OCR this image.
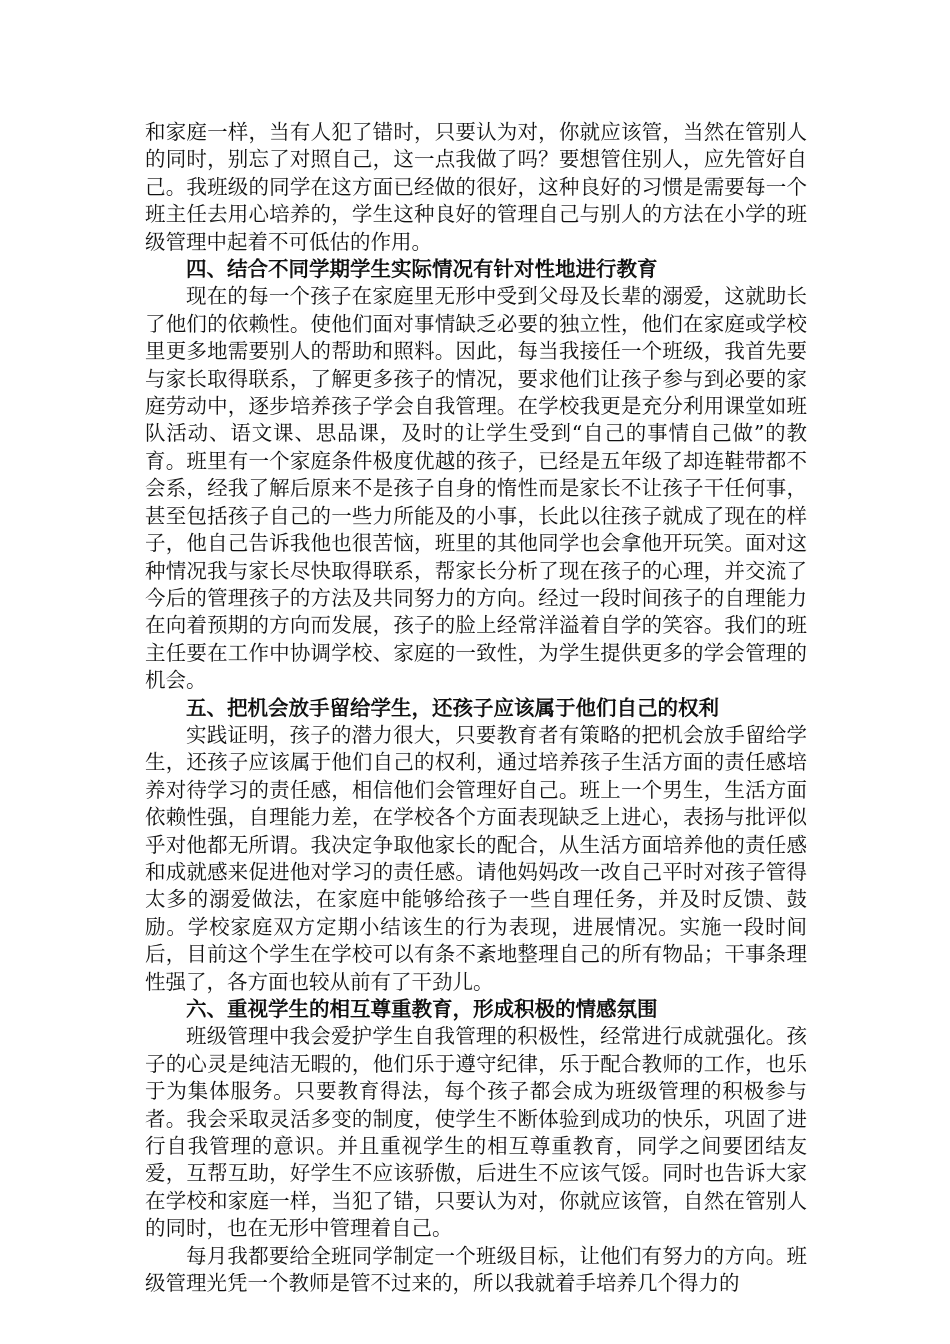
和家庭一样，当有人犯了错时，只要认为对，你就应该管，当然在管别人的同时，别忘了对照自己，这一点我做了吗？要想管住别人，应先管好自己。我班级的同学在这方面已经做的很好，这种良好的习惯是需要每一个班主任去用心培养的，学生这种良好的管理自己与别人的方法在小学的班级管理中起着不可低估的作用。

四、结合不同学期学生实际情况有针对性地进行教育

现在的每一个孩子在家庭里无形中受到父母及长辈的溺爱，这就助长了他们的依赖性。使他们面对事情缺乏必要的独立性，他们在家庭或学校里更多地需要别人的帮助和照料。因此，每当我接任一个班级，我首先要与家长取得联系，了解更多孩子的情况，要求他们让孩子参与到必要的家庭劳动中，逐步培养孩子学会自我管理。在学校我更是充分利用课堂如班队活动、语文课、思品课，及时的让学生受到“自己的事情自己做”的教育。班里有一个家庭条件极度优越的孩子，已经是五年级了却连鞋带都不会系，经我了解后原来不是孩子自身的惰性而是家长不让孩子干任何事，甚至包括孩子自己的一些力所能及的小事，长此以往孩子就成了现在的样子，他自己告诉我他也很苦恼，班里的其他同学也会拿他开玩笑。面对这种情况我与家长尽快取得联系，帮家长分析了现在孩子的心理，并交流了今后的管理孩子的方法及共同努力的方向。经过一段时间孩子的自理能力在向着预期的方向而发展，孩子的脸上经常洋溢着自学的笑容。我们的班主任要在工作中协调学校、家庭的一致性，为学生提供更多的学会管理的机会。

五、把机会放手留给学生，还孩子应该属于他们自己的权利

实践证明，孩子的潜力很大，只要教育者有策略的把机会放手留给学生，还孩子应该属于他们自己的权利，通过培养孩子生活方面的责任感培养对待学习的责任感，相信他们会管理好自己。班上一个男生，生活方面依赖性强，自理能力差，在学校各个方面表现缺乏上进心，表扬与批评似乎对他都无所谓。我决定争取他家长的配合，从生活方面培养他的责任感和成就感来促进他对学习的责任感。请他妈妈改一改自己平时对孩子管得太多的溺爱做法，在家庭中能够给孩子一些自理任务，并及时反馈、鼓励。学校家庭双方定期小结该生的行为表现，进展情况。实施一段时间后，目前这个学生在学校可以有条不紊地整理自己的所有物品；干事条理性强了，各方面也较从前有了干劲儿。

六、重视学生的相互尊重教育，形成积极的情感氛围

班级管理中我会爱护学生自我管理的积极性，经常进行成就强化。孩子的心灵是纯洁无暇的，他们乐于遵守纪律，乐于配合教师的工作，也乐于为集体服务。只要教育得法，每个孩子都会成为班级管理的积极参与者。我会采取灵活多变的制度，使学生不断体验到成功的快乐，巩固了进行自我管理的意识。并且重视学生的相互尊重教育，同学之间要团结友爱，互帮互助，好学生不应该骄傲，后进生不应该气馁。同时也告诉大家在学校和家庭一样，当犯了错，只要认为对，你就应该管，自然在管别人的同时，也在无形中管理着自己。

每月我都要给全班同学制定一个班级目标，让他们有努力的方向。班级管理光凭一个教师是管不过来的，所以我就着手培养几个得力的
